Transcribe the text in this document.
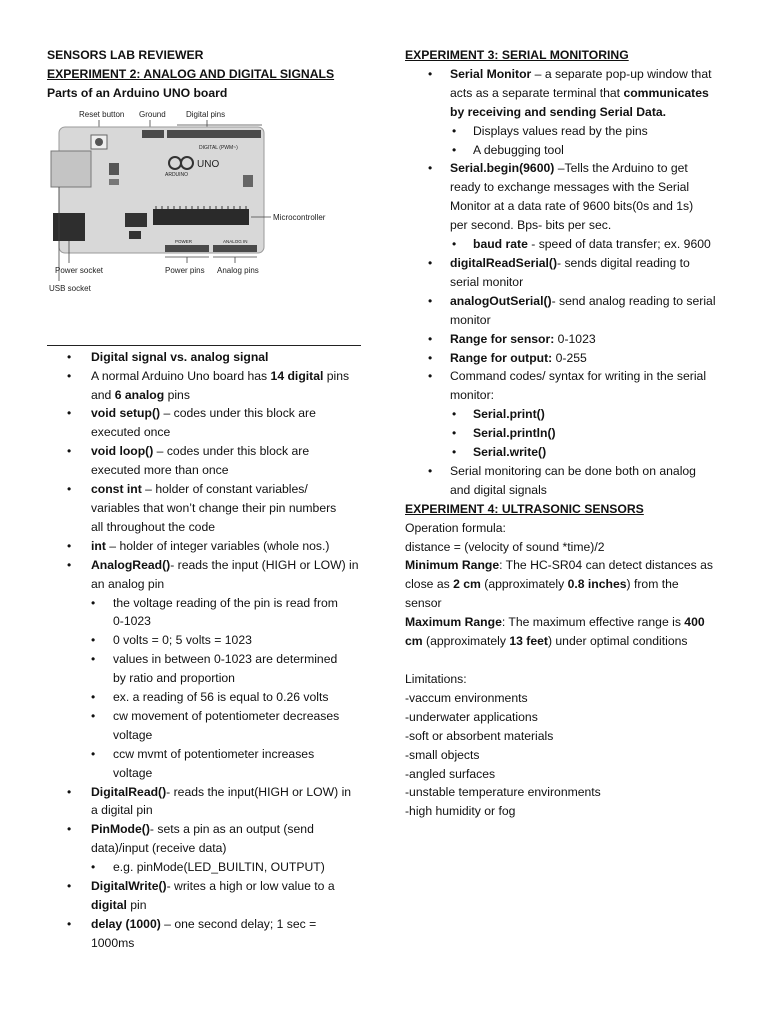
SENSORS LAB REVIEWER
EXPERIMENT 2: ANALOG AND DIGITAL SIGNALS
Parts of an Arduino UNO board
Reset button Ground	Digital pins
UNO
ARDUINO
DIGITAL (PWM~)
Microcontroller
POWER	ANALOG IN
Power socket	Power pins Analog pins
USB socket
• Digital signal vs. analog signal
• A normal Arduino Uno board has 14 digital pins
and 6 analog pins
• void setup() – codes under this block are
executed once
• void loop() – codes under this block are
executed more than once
• const int – holder of constant variables/
variables that won’t change their pin numbers
all throughout the code
• int – holder of integer variables (whole nos.)
• AnalogRead()- reads the input (HIGH or LOW) in
an analog pin
• the voltage reading of the pin is read from
0-1023
• 0 volts = 0; 5 volts = 1023
• values in between 0-1023 are determined
by ratio and proportion
• ex. a reading of 56 is equal to 0.26 volts
• cw movement of potentiometer decreases
voltage
• ccw mvmt of potentiometer increases
voltage
• DigitalRead()- reads the input(HIGH or LOW) in
a digital pin
• PinMode()- sets a pin as an output (send
data)/input (receive data)
• e.g. pinMode(LED_BUILTIN, OUTPUT)
• DigitalWrite()- writes a high or low value to a
digital pin
• delay (1000) – one second delay; 1 sec =
1000ms
EXPERIMENT 3: SERIAL MONITORING
• Serial Monitor – a separate pop-up window that
acts as a separate terminal that communicates
by receiving and sending Serial Data.
• Displays values read by the pins
• A debugging tool
• Serial.begin(9600) –Tells the Arduino to get
ready to exchange messages with the Serial
Monitor at a data rate of 9600 bits(0s and 1s)
per second. Bps- bits per sec.
• baud rate - speed of data transfer; ex. 9600
• digitalReadSerial()- sends digital reading to
serial monitor
• analogOutSerial()- send analog reading to serial
monitor
• Range for sensor: 0-1023
• Range for output: 0-255
• Command codes/ syntax for writing in the serial
monitor:
• Serial.print()
• Serial.println()
• Serial.write()
• Serial monitoring can be done both on analog
and digital signals
EXPERIMENT 4: ULTRASONIC SENSORS
Operation formula:
distance = (velocity of sound *time)/2
Minimum Range: The HC-SR04 can detect distances as
close as 2 cm (approximately 0.8 inches) from the
sensor
Maximum Range: The maximum effective range is 400
cm (approximately 13 feet) under optimal conditions
Limitations:
-vaccum environments
-underwater applications
-soft or absorbent materials
-small objects
-angled surfaces
-unstable temperature environments
-high humidity or fog
